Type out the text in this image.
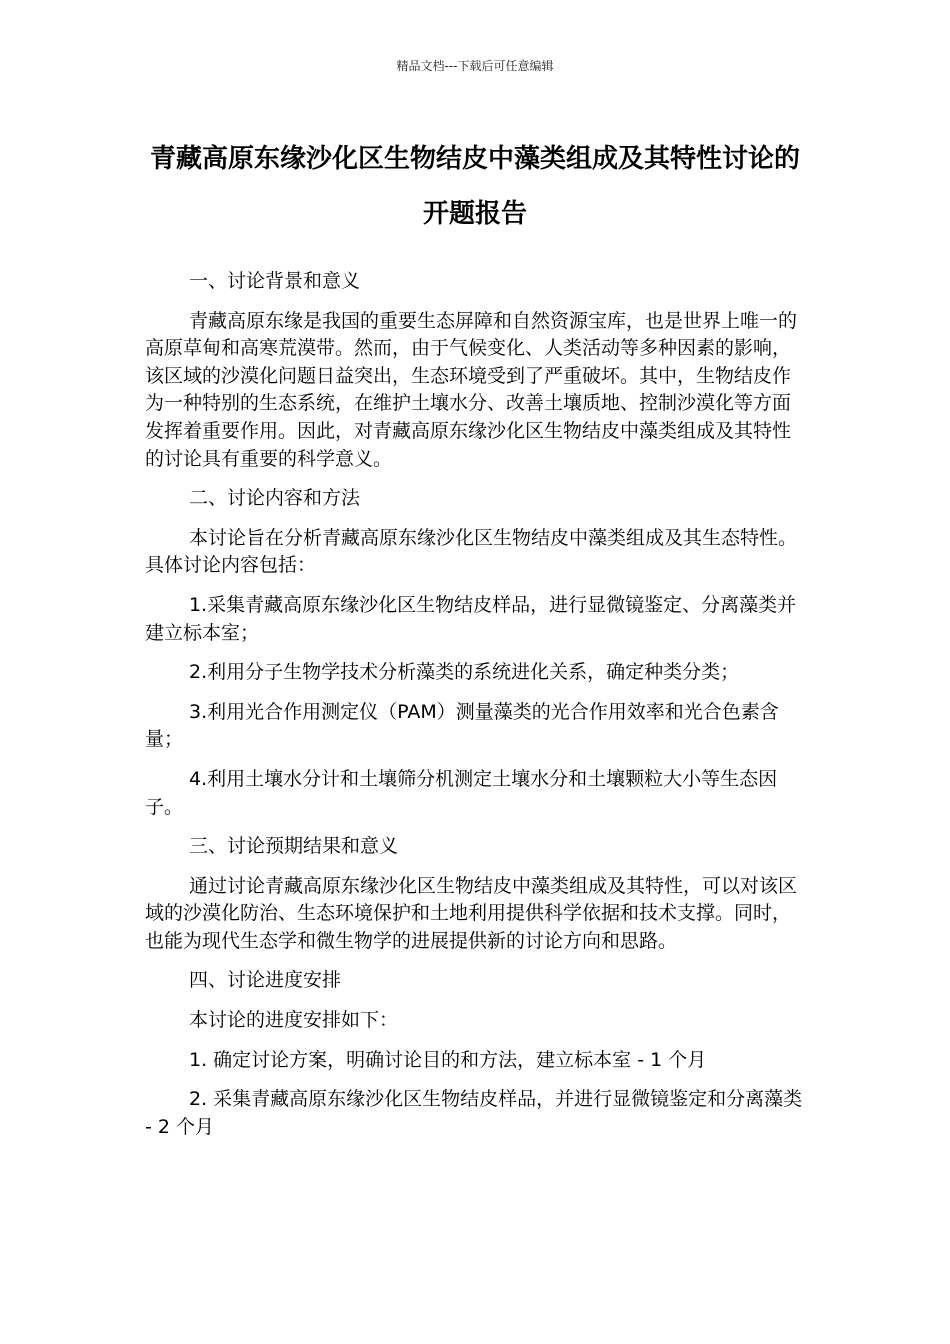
精品文档---下载后可任意编辑
青藏高原东缘沙化区生物结皮中藻类组成及其特性讨论的开题报告

一、讨论背景和意义

青藏高原东缘是我国的重要生态屏障和自然资源宝库，也是世界上唯一的高原草甸和高寒荒漠带。然而，由于气候变化、人类活动等多种因素的影响，该区域的沙漠化问题日益突出，生态环境受到了严重破坏。其中，生物结皮作为一种特别的生态系统，在维护土壤水分、改善土壤质地、控制沙漠化等方面发挥着重要作用。因此，对青藏高原东缘沙化区生物结皮中藻类组成及其特性的讨论具有重要的科学意义。

二、讨论内容和方法

本讨论旨在分析青藏高原东缘沙化区生物结皮中藻类组成及其生态特性。具体讨论内容包括：

1.采集青藏高原东缘沙化区生物结皮样品，进行显微镜鉴定、分离藻类并建立标本室；

2.利用分子生物学技术分析藻类的系统进化关系，确定种类分类；

3.利用光合作用测定仪（PAM）测量藻类的光合作用效率和光合色素含量；

4.利用土壤水分计和土壤筛分机测定土壤水分和土壤颗粒大小等生态因子。

三、讨论预期结果和意义

通过讨论青藏高原东缘沙化区生物结皮中藻类组成及其特性，可以对该区域的沙漠化防治、生态环境保护和土地利用提供科学依据和技术支撑。同时，也能为现代生态学和微生物学的进展提供新的讨论方向和思路。

四、讨论进度安排

本讨论的进度安排如下：

1. 确定讨论方案，明确讨论目的和方法，建立标本室 - 1 个月

2. 采集青藏高原东缘沙化区生物结皮样品，并进行显微镜鉴定和分离藻类 - 2 个月
